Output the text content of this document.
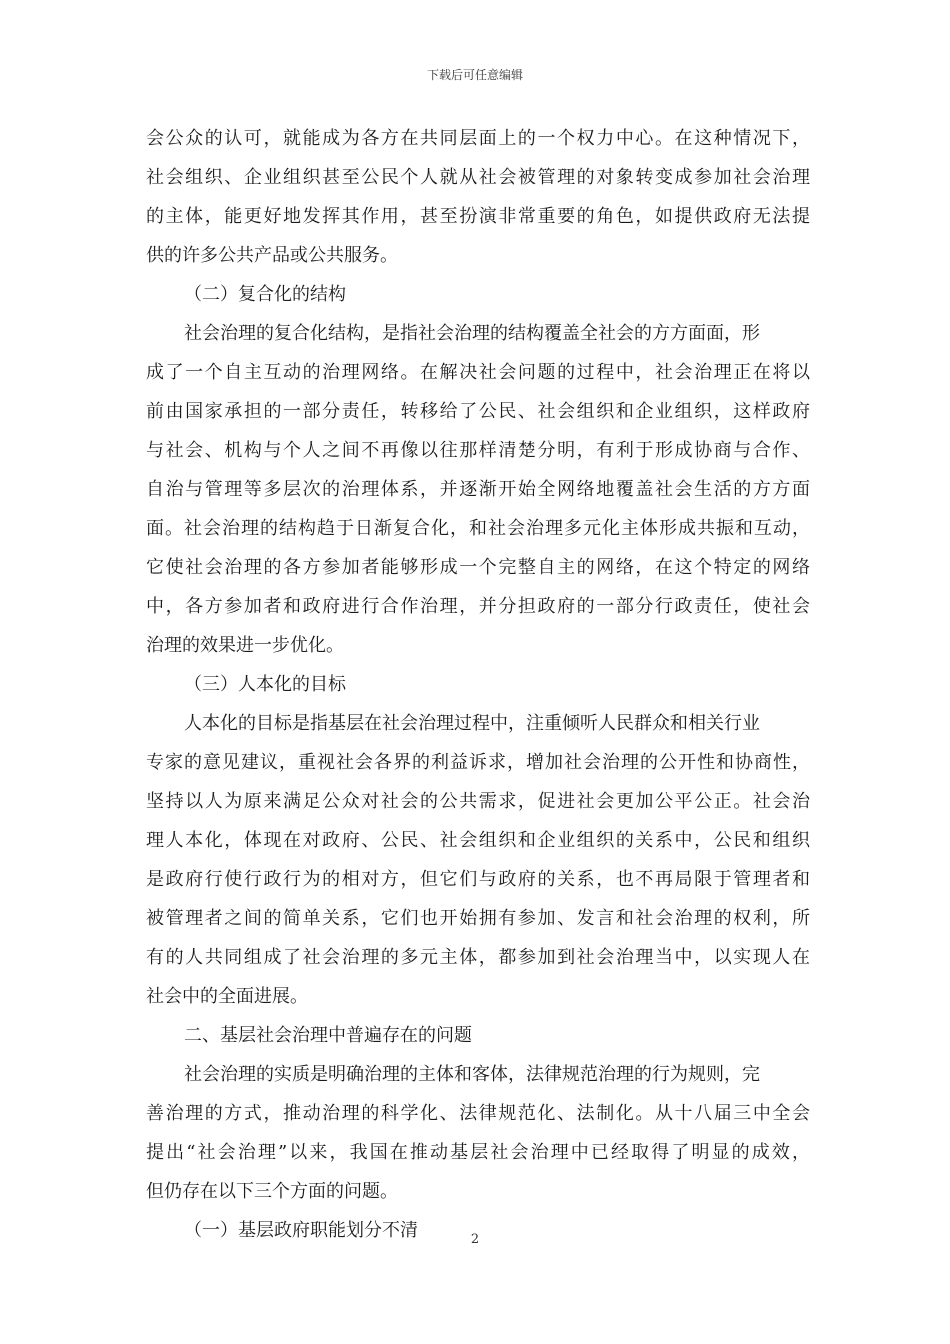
下载后可任意编辑
会公众的认可，就能成为各方在共同层面上的一个权力中心。在这种情况下，
社会组织、企业组织甚至公民个人就从社会被管理的对象转变成参加社会治理
的主体，能更好地发挥其作用，甚至扮演非常重要的角色，如提供政府无法提
供的许多公共产品或公共服务。
（二）复合化的结构
社会治理的复合化结构，是指社会治理的结构覆盖全社会的方方面面，形
成了一个自主互动的治理网络。在解决社会问题的过程中，社会治理正在将以
前由国家承担的一部分责任，转移给了公民、社会组织和企业组织，这样政府
与社会、机构与个人之间不再像以往那样清楚分明，有利于形成协商与合作、
自治与管理等多层次的治理体系，并逐渐开始全网络地覆盖社会生活的方方面
面。社会治理的结构趋于日渐复合化，和社会治理多元化主体形成共振和互动，
它使社会治理的各方参加者能够形成一个完整自主的网络，在这个特定的网络
中，各方参加者和政府进行合作治理，并分担政府的一部分行政责任，使社会
治理的效果进一步优化。
（三）人本化的目标
人本化的目标是指基层在社会治理过程中，注重倾听人民群众和相关行业
专家的意见建议，重视社会各界的利益诉求，增加社会治理的公开性和协商性，
坚持以人为原来满足公众对社会的公共需求，促进社会更加公平公正。社会治
理人本化，体现在对政府、公民、社会组织和企业组织的关系中，公民和组织
是政府行使行政行为的相对方，但它们与政府的关系，也不再局限于管理者和
被管理者之间的简单关系，它们也开始拥有参加、发言和社会治理的权利，所
有的人共同组成了社会治理的多元主体，都参加到社会治理当中，以实现人在
社会中的全面进展。
二、基层社会治理中普遍存在的问题
社会治理的实质是明确治理的主体和客体，法律规范治理的行为规则，完
善治理的方式，推动治理的科学化、法律规范化、法制化。从十八届三中全会
提出“社会治理”以来，我国在推动基层社会治理中已经取得了明显的成效，
但仍存在以下三个方面的问题。
（一）基层政府职能划分不清	2
